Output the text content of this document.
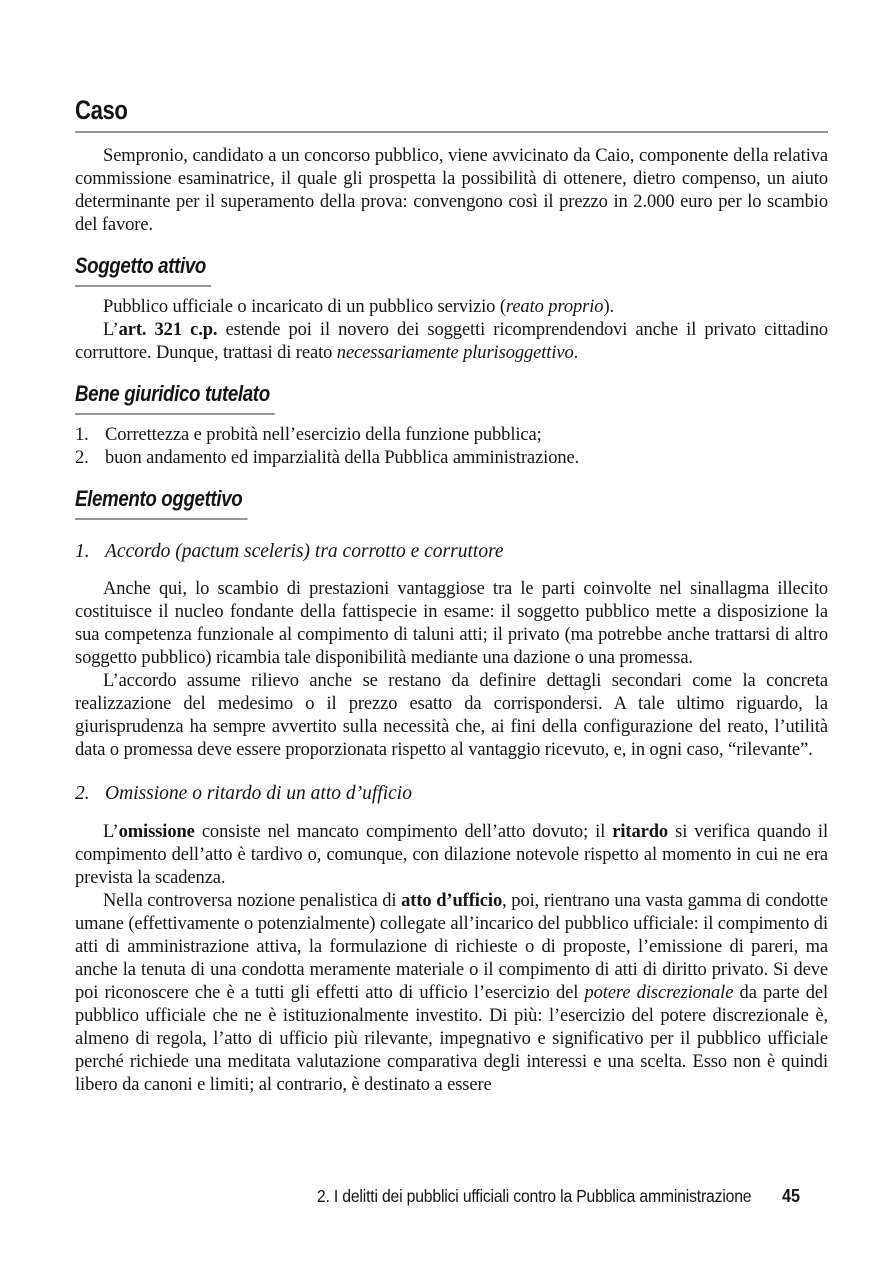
Caso

Sempronio, candidato a un concorso pubblico, viene avvicinato da Caio, componente della relativa commissione esaminatrice, il quale gli prospetta la possibilità di ottenere, dietro compenso, un aiuto determinante per il superamento della prova: convengono così il prezzo in 2.000 euro per lo scambio del favore.

Soggetto attivo

Pubblico ufficiale o incaricato di un pubblico servizio (reato proprio).

L’art. 321 c.p. estende poi il novero dei soggetti ricomprendendovi anche il privato cittadino corruttore. Dunque, trattasi di reato necessariamente plurisoggettivo.

Bene giuridico tutelato
1. Correttezza e probità nell’esercizio della funzione pubblica;
2. buon andamento ed imparzialità della Pubblica amministrazione.
Elemento oggettivo
1. Accordo (pactum sceleris) tra corrotto e corruttore

Anche qui, lo scambio di prestazioni vantaggiose tra le parti coinvolte nel sinallagma illecito costituisce il nucleo fondante della fattispecie in esame: il soggetto pubblico mette a disposizione la sua competenza funzionale al compimento di taluni atti; il privato (ma potrebbe anche trattarsi di altro soggetto pubblico) ricambia tale disponibilità mediante una dazione o una promessa.

L’accordo assume rilievo anche se restano da definire dettagli secondari come la concreta realizzazione del medesimo o il prezzo esatto da corrispondersi. A tale ultimo riguardo, la giurisprudenza ha sempre avvertito sulla necessità che, ai fini della configurazione del reato, l’utilità data o promessa deve essere proporzionata rispetto al vantaggio ricevuto, e, in ogni caso, “rilevante”.

2. Omissione o ritardo di un atto d’ufficio

L’omissione consiste nel mancato compimento dell’atto dovuto; il ritardo si verifica quando il compimento dell’atto è tardivo o, comunque, con dilazione notevole rispetto al momento in cui ne era prevista la scadenza.

Nella controversa nozione penalistica di atto d’ufficio, poi, rientrano una vasta gamma di condotte umane (effettivamente o potenzialmente) collegate all’incarico del pubblico ufficiale: il compimento di atti di amministrazione attiva, la formulazione di richieste o di proposte, l’emissione di pareri, ma anche la tenuta di una condotta meramente materiale o il compimento di atti di diritto privato. Si deve poi riconoscere che è a tutti gli effetti atto di ufficio l’esercizio del potere discrezionale da parte del pubblico ufficiale che ne è istituzionalmente investito. Di più: l’esercizio del potere discrezionale è, almeno di regola, l’atto di ufficio più rilevante, impegnativo e significativo per il pubblico ufficiale perché richiede una meditata valutazione comparativa degli interessi e una scelta. Esso non è quindi libero da canoni e limiti; al contrario, è destinato a essere

2. I delitti dei pubblici ufficiali contro la Pubblica amministrazione 45
